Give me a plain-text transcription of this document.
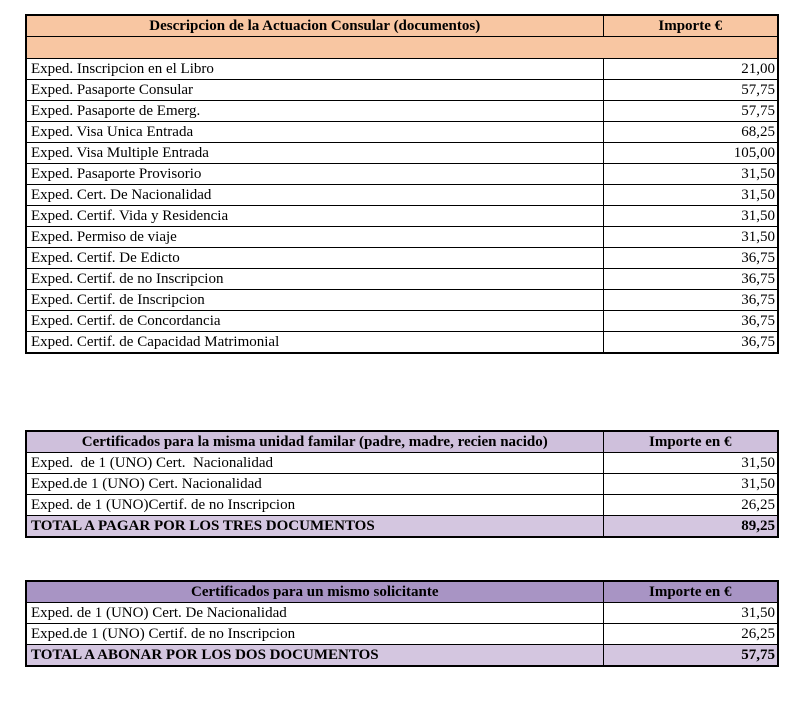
Descripcion de la Actuacion Consular (documentos)	Importe €

Exped. Inscripcion en el Libro	21,00
Exped. Pasaporte Consular	57,75
Exped. Pasaporte de Emerg.	57,75
Exped. Visa Unica Entrada	68,25
Exped. Visa Multiple Entrada	105,00
Exped. Pasaporte Provisorio	31,50
Exped. Cert. De Nacionalidad	31,50
Exped. Certif. Vida y Residencia	31,50
Exped. Permiso de viaje	31,50
Exped. Certif. De Edicto	36,75
Exped. Certif. de no Inscripcion	36,75
Exped. Certif. de Inscripcion	36,75
Exped. Certif. de Concordancia	36,75
Exped. Certif. de Capacidad Matrimonial	36,75
Certificados para la misma unidad familar (padre, madre, recien nacido)	Importe en €
Exped.  de 1 (UNO) Cert.  Nacionalidad	31,50
Exped.de 1 (UNO) Cert. Nacionalidad	31,50
Exped. de 1 (UNO)Certif. de no Inscripcion	26,25
TOTAL A PAGAR POR LOS TRES DOCUMENTOS	89,25
Certificados para un mismo solicitante	Importe en €
Exped. de 1 (UNO) Cert. De Nacionalidad	31,50
Exped.de 1 (UNO) Certif. de no Inscripcion	26,25
TOTAL A ABONAR POR LOS DOS DOCUMENTOS	57,75
